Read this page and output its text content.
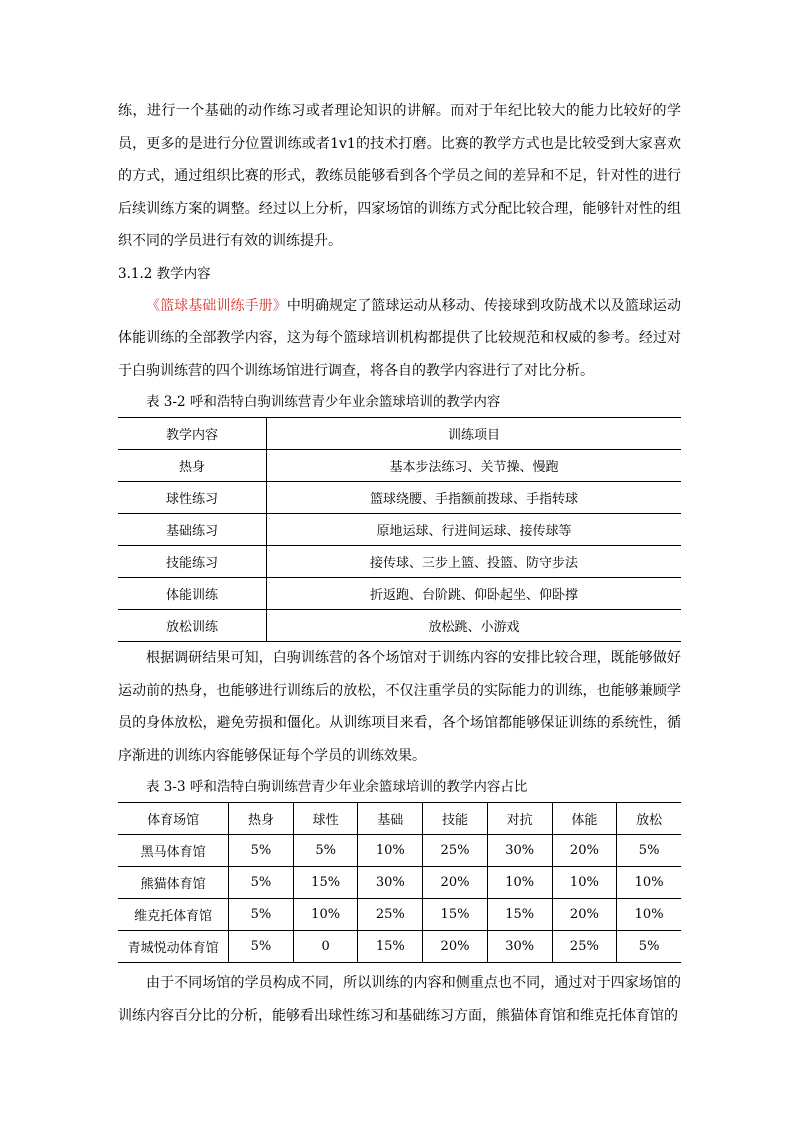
练，进行一个基础的动作练习或者理论知识的讲解。而对于年纪比较大的能力比较好的学员，更多的是进行分位置训练或者1v1的技术打磨。比赛的教学方式也是比较受到大家喜欢的方式，通过组织比赛的形式，教练员能够看到各个学员之间的差异和不足，针对性的进行后续训练方案的调整。经过以上分析，四家场馆的训练方式分配比较合理，能够针对性的组织不同的学员进行有效的训练提升。

3.1.2 教学内容

《篮球基础训练手册》中明确规定了篮球运动从移动、传接球到攻防战术以及篮球运动体能训练的全部教学内容，这为每个篮球培训机构都提供了比较规范和权威的参考。经过对于白驹训练营的四个训练场馆进行调查，将各自的教学内容进行了对比分析。

表 3-2 呼和浩特白驹训练营青少年业余篮球培训的教学内容
教学内容	训练项目
热身	基本步法练习、关节操、慢跑
球性练习	篮球绕腰、手指额前拨球、手指转球
基础练习	原地运球、行进间运球、接传球等
技能练习	接传球、三步上篮、投篮、防守步法
体能训练	折返跑、台阶跳、仰卧起坐、仰卧撑
放松训练	放松跳、小游戏

根据调研结果可知，白驹训练营的各个场馆对于训练内容的安排比较合理，既能够做好运动前的热身，也能够进行训练后的放松，不仅注重学员的实际能力的训练，也能够兼顾学员的身体放松，避免劳损和僵化。从训练项目来看，各个场馆都能够保证训练的系统性，循序渐进的训练内容能够保证每个学员的训练效果。

表 3-3 呼和浩特白驹训练营青少年业余篮球培训的教学内容占比
体育场馆	热身	球性	基础	技能	对抗	体能	放松
黑马体育馆	5%	5%	10%	25%	30%	20%	5%
熊猫体育馆	5%	15%	30%	20%	10%	10%	10%
维克托体育馆	5%	10%	25%	15%	15%	20%	10%
青城悦动体育馆	5%	0	15%	20%	30%	25%	5%

由于不同场馆的学员构成不同，所以训练的内容和侧重点也不同，通过对于四家场馆的训练内容百分比的分析，能够看出球性练习和基础练习方面，熊猫体育馆和维克托体育馆的
